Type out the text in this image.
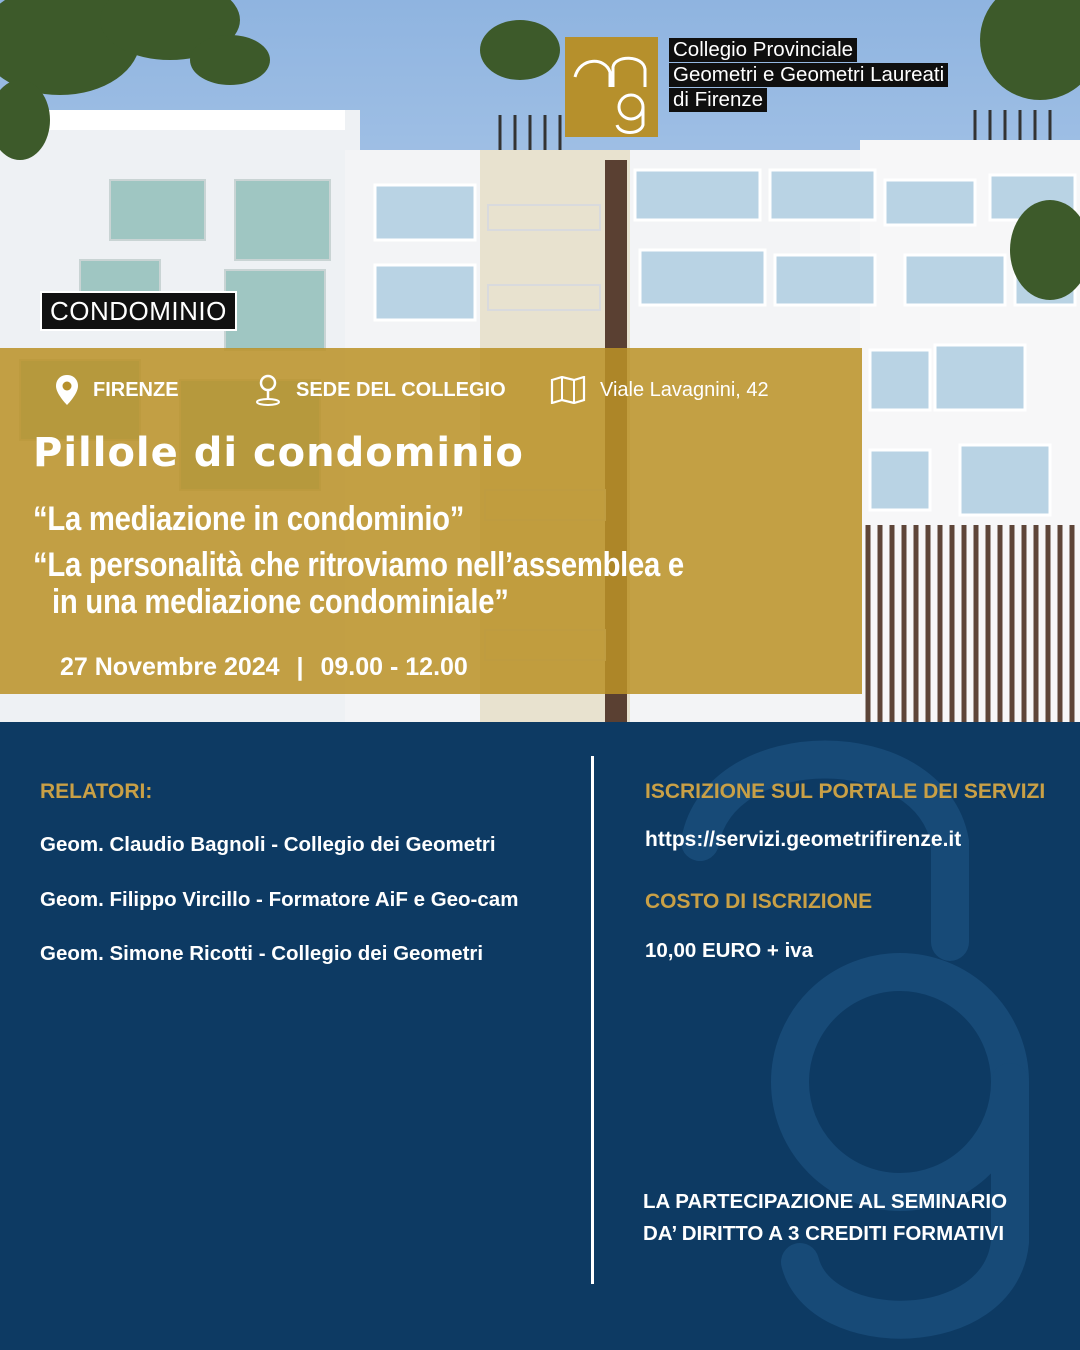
Collegio Provinciale
Geometri e Geometri Laureati
di Firenze
CONDOMINIO
FIRENZE	SEDE DEL COLLEGIO	Viale Lavagnini, 42
Pillole di condominio
“La mediazione in condominio”
“La personalità che ritroviamo nell’assemblea e
in una mediazione condominiale”
27 Novembre 2024 | 09.00 - 12.00
RELATORI:
Geom. Claudio Bagnoli - Collegio dei Geometri
Geom. Filippo Vircillo - Formatore AiF e Geo-cam
Geom. Simone Ricotti - Collegio dei Geometri
ISCRIZIONE SUL PORTALE DEI SERVIZI
https://servizi.geometrifirenze.it
COSTO DI ISCRIZIONE
10,00 EURO + iva
LA PARTECIPAZIONE AL SEMINARIO
DA’ DIRITTO A 3 CREDITI FORMATIVI
